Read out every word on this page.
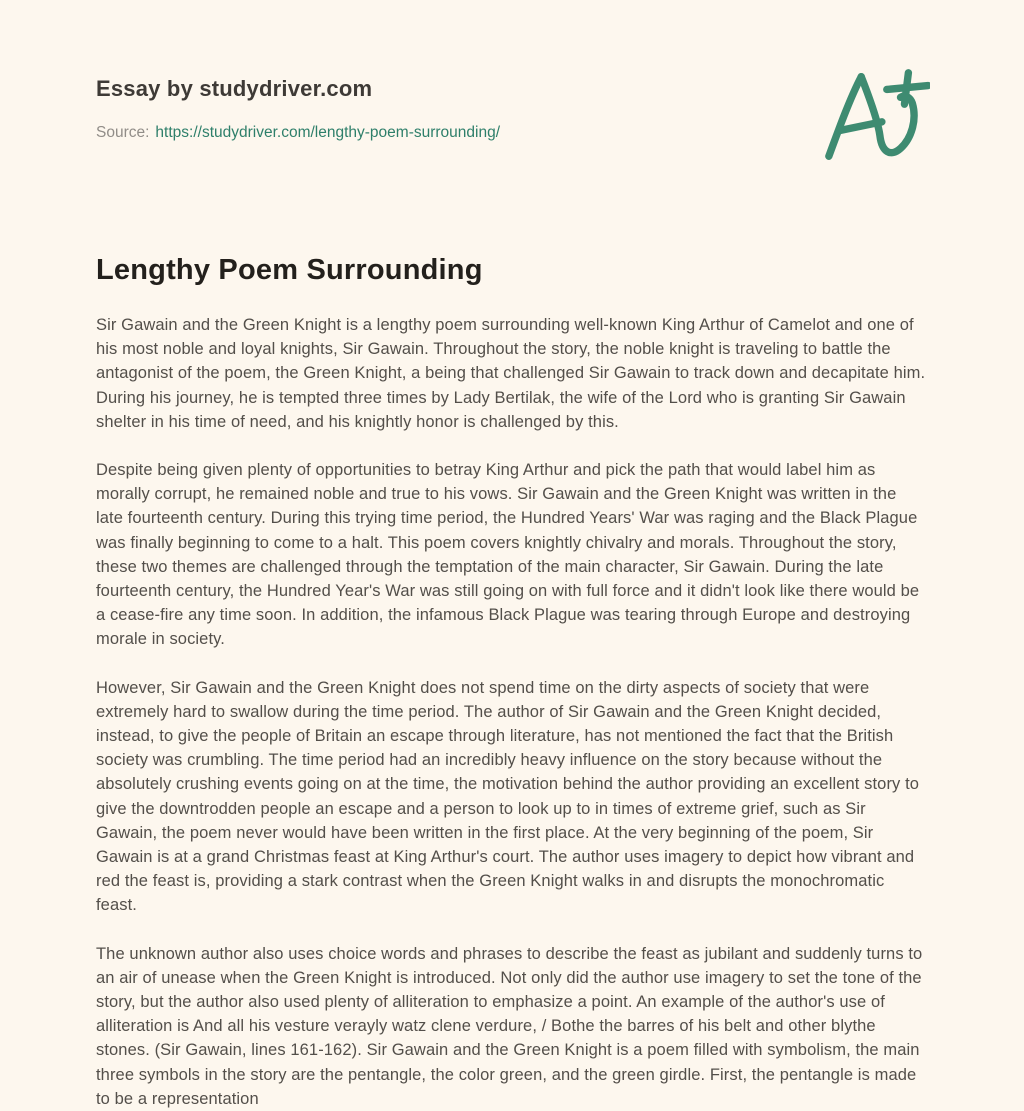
Essay by studydriver.com
Source: https://studydriver.com/lengthy-poem-surrounding/
Lengthy Poem Surrounding

Sir Gawain and the Green Knight is a lengthy poem surrounding well-known King Arthur of Camelot and one of his most noble and loyal knights, Sir Gawain. Throughout the story, the noble knight is traveling to battle the antagonist of the poem, the Green Knight, a being that challenged Sir Gawain to track down and decapitate him. During his journey, he is tempted three times by Lady Bertilak, the wife of the Lord who is granting Sir Gawain shelter in his time of need, and his knightly honor is challenged by this.

Despite being given plenty of opportunities to betray King Arthur and pick the path that would label him as morally corrupt, he remained noble and true to his vows. Sir Gawain and the Green Knight was written in the late fourteenth century. During this trying time period, the Hundred Years' War was raging and the Black Plague was finally beginning to come to a halt. This poem covers knightly chivalry and morals. Throughout the story, these two themes are challenged through the temptation of the main character, Sir Gawain. During the late fourteenth century, the Hundred Year's War was still going on with full force and it didn't look like there would be a cease-fire any time soon. In addition, the infamous Black Plague was tearing through Europe and destroying morale in society.

However, Sir Gawain and the Green Knight does not spend time on the dirty aspects of society that were extremely hard to swallow during the time period. The author of Sir Gawain and the Green Knight decided, instead, to give the people of Britain an escape through literature, has not mentioned the fact that the British society was crumbling. The time period had an incredibly heavy influence on the story because without the absolutely crushing events going on at the time, the motivation behind the author providing an excellent story to give the downtrodden people an escape and a person to look up to in times of extreme grief, such as Sir Gawain, the poem never would have been written in the first place. At the very beginning of the poem, Sir Gawain is at a grand Christmas feast at King Arthur's court. The author uses imagery to depict how vibrant and red the feast is, providing a stark contrast when the Green Knight walks in and disrupts the monochromatic feast.

The unknown author also uses choice words and phrases to describe the feast as jubilant and suddenly turns to an air of unease when the Green Knight is introduced. Not only did the author use imagery to set the tone of the story, but the author also used plenty of alliteration to emphasize a point. An example of the author's use of alliteration is And all his vesture verayly watz clene verdure, / Bothe the barres of his belt and other blythe stones. (Sir Gawain, lines 161-162). Sir Gawain and the Green Knight is a poem filled with symbolism, the main three symbols in the story are the pentangle, the color green, and the green girdle. First, the pentangle is made to be a representation
